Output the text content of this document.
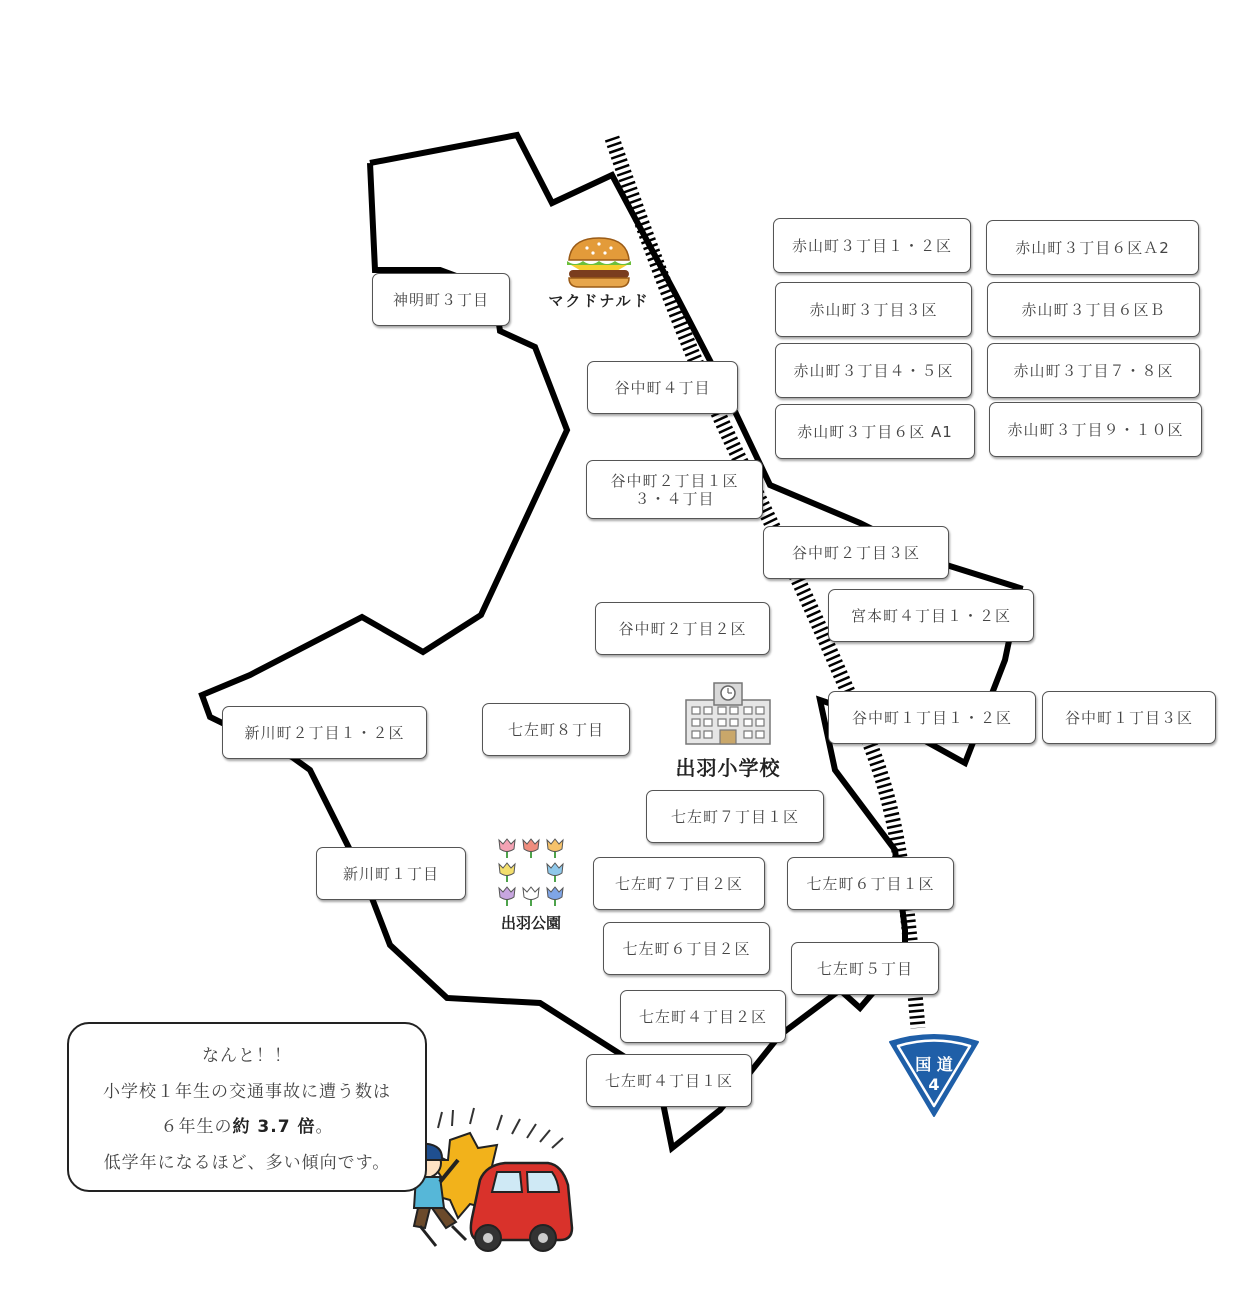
神明町３丁目
谷中町４丁目
谷中町２丁目１区
３・４丁目
谷中町２丁目３区
宮本町４丁目１・２区
谷中町２丁目２区
谷中町１丁目１・２区	谷中町１丁目３区
新川町２丁目１・２区	七左町８丁目
七左町７丁目１区
新川町１丁目
七左町７丁目２区	七左町６丁目１区
七左町６丁目２区
七左町５丁目
七左町４丁目２区
七左町４丁目１区
赤山町３丁目１・２区	赤山町３丁目６区Ａ2
赤山町３丁目３区	赤山町３丁目６区Ｂ
赤山町３丁目４・５区	赤山町３丁目７・８区
赤山町３丁目６区 A1	赤山町３丁目９・１０区
マクドナルド
出羽小学校
出羽公園
国 道
4
なんと！！
小学校１年生の交通事故に遭う数は
６年生の約 3.7 倍。
低学年になるほど、多い傾向です。
